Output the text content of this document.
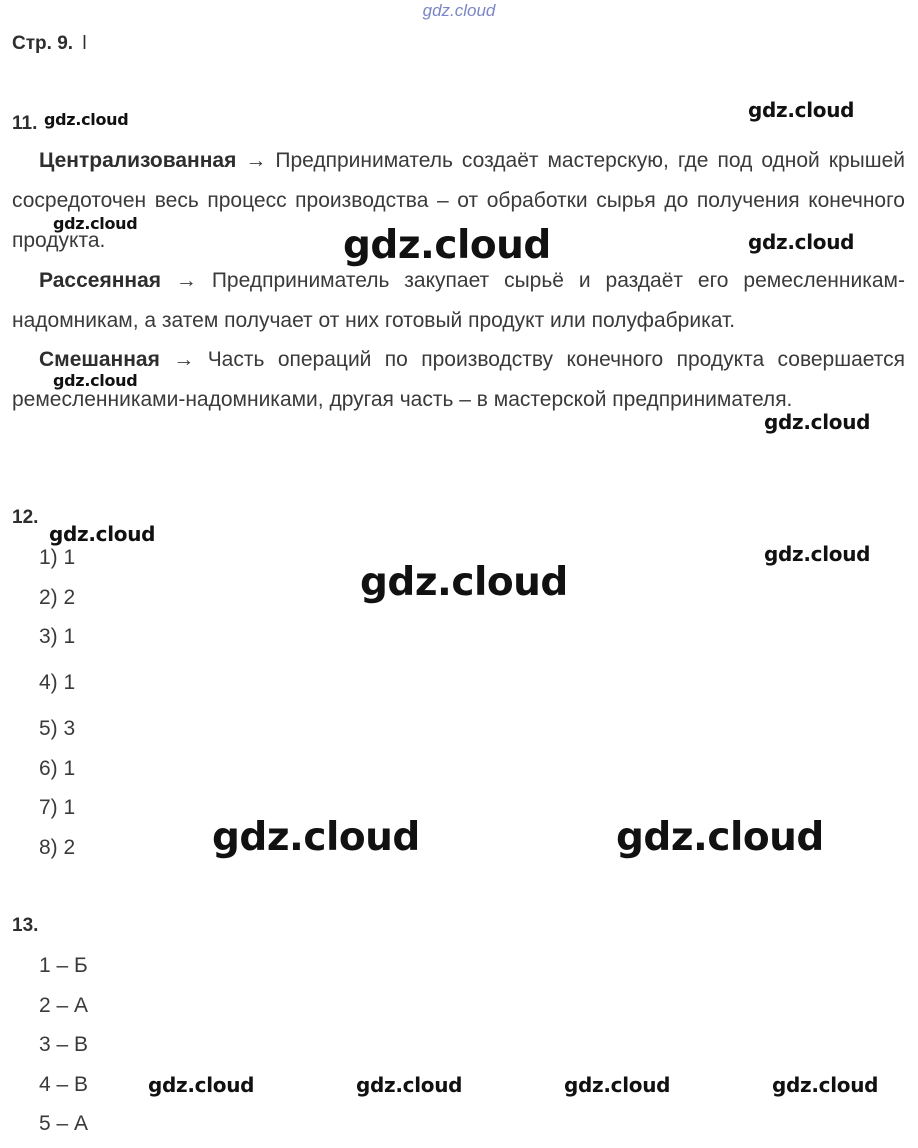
gdz.cloud
Стр. 9. l
11.
Централизованная → Предприниматель создаёт мастерскую, где под одной крышей сосредоточен весь процесс производства – от обработки сырья до получения конечного продукта.
Рассеянная → Предприниматель закупает сырьё и раздаёт его ремесленникам-надомникам, а затем получает от них готовый продукт или полуфабрикат.
Смешанная → Часть операций по производству конечного продукта совершается ремесленниками-надомниками, другая часть – в мастерской предпринимателя.
12.
1) 1
2) 2
3) 1
4) 1
5) 3
6) 1
7) 1
8) 2
13.
1 – Б
2 – А
3 – В
4 – В
5 – А
gdz.cloud	gdz.cloud
gdz.cloud	gdz.cloud	gdz.cloud
gdz.cloud
gdz.cloud
gdz.cloud
gdz.cloud
gdz.cloud
gdz.cloud	gdz.cloud
gdz.cloud	gdz.cloud	gdz.cloud	gdz.cloud
